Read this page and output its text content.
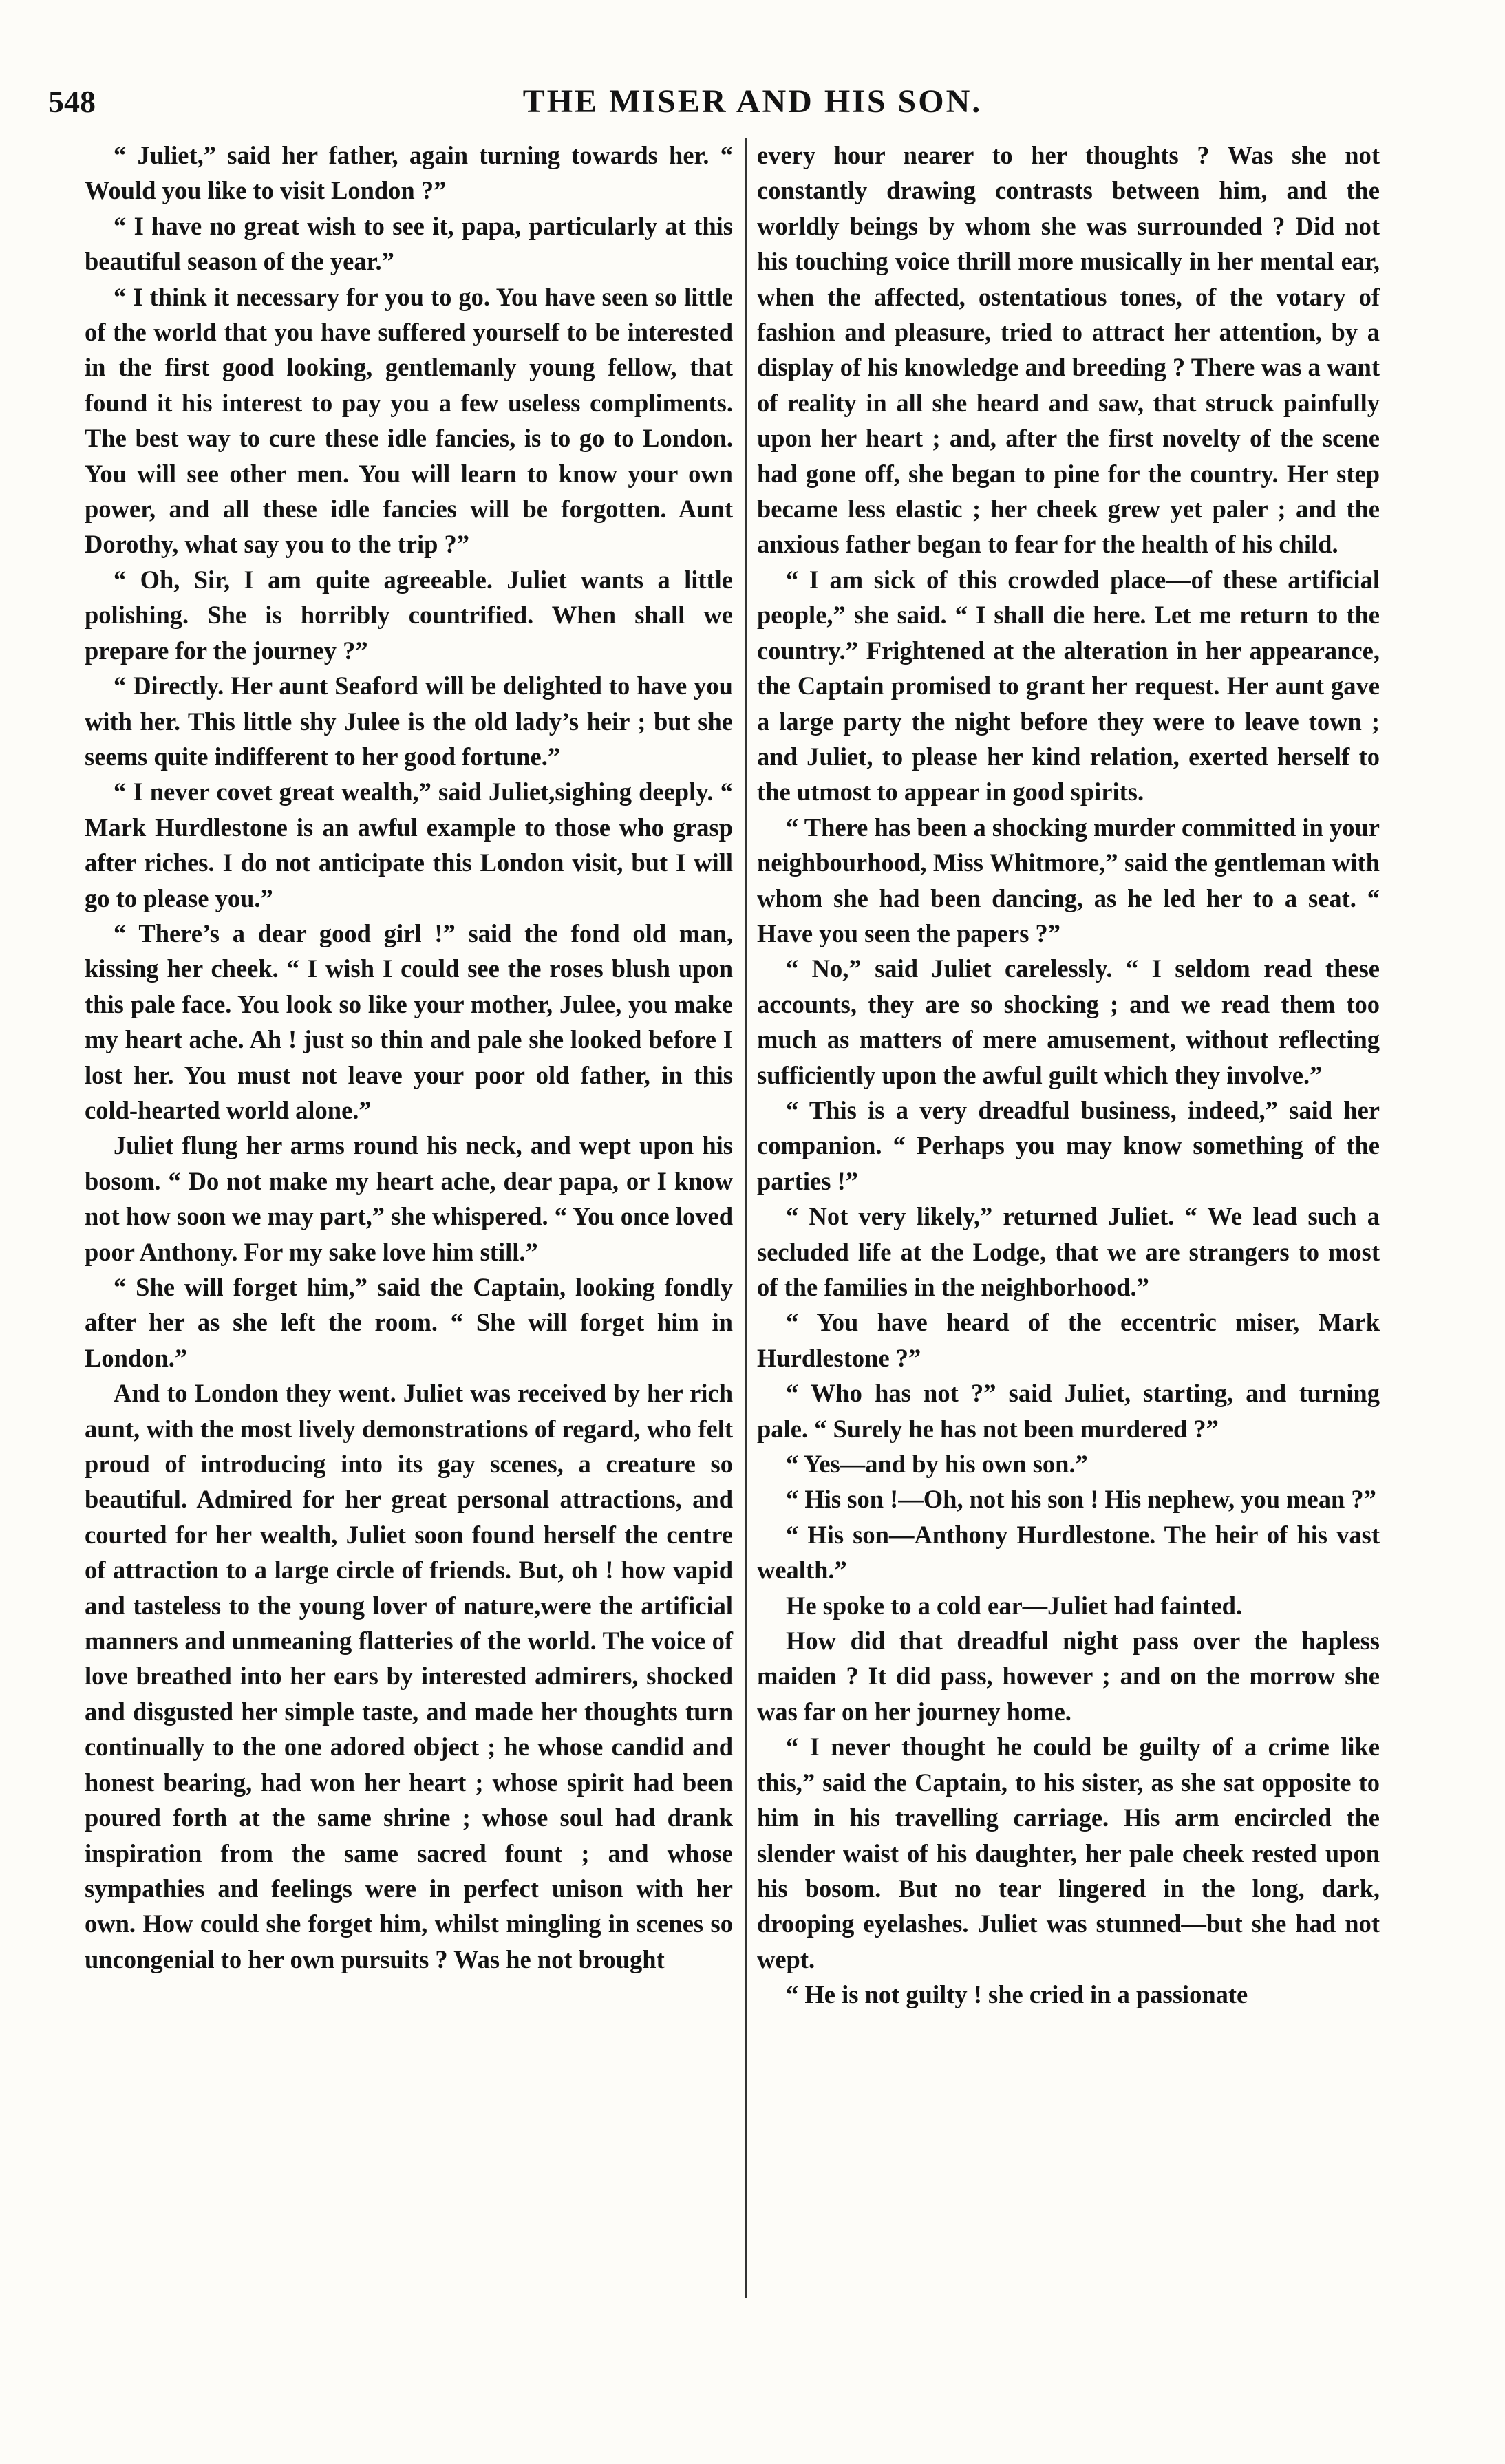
548	THE MISER AND HIS SON.

“ Juliet,” said her father, again turning towards her. “ Would you like to visit London ?”

“ I have no great wish to see it, papa, particularly at this beautiful season of the year.”

“ I think it necessary for you to go. You have seen so little of the world that you have suffered yourself to be interested in the first good looking, gentlemanly young fellow, that found it his interest to pay you a few useless compliments. The best way to cure these idle fancies, is to go to London. You will see other men. You will learn to know your own power, and all these idle fancies will be forgotten. Aunt Dorothy, what say you to the trip ?”

“ Oh, Sir, I am quite agreeable. Juliet wants a little polishing. She is horribly countrified. When shall we prepare for the journey ?”

“ Directly. Her aunt Seaford will be delighted to have you with her. This little shy Julee is the old lady’s heir ; but she seems quite indifferent to her good fortune.”

“ I never covet great wealth,” said Juliet,sighing deeply. “ Mark Hurdlestone is an awful example to those who grasp after riches. I do not anticipate this London visit, but I will go to please you.”

“ There’s a dear good girl !” said the fond old man, kissing her cheek. “ I wish I could see the roses blush upon this pale face. You look so like your mother, Julee, you make my heart ache. Ah ! just so thin and pale she looked before I lost her. You must not leave your poor old father, in this cold-hearted world alone.”

Juliet flung her arms round his neck, and wept upon his bosom. “ Do not make my heart ache, dear papa, or I know not how soon we may part,” she whispered. “ You once loved poor Anthony. For my sake love him still.”

“ She will forget him,” said the Captain, looking fondly after her as she left the room. “ She will forget him in London.”

And to London they went. Juliet was received by her rich aunt, with the most lively demonstrations of regard, who felt proud of introducing into its gay scenes, a creature so beautiful. Admired for her great personal attractions, and courted for her wealth, Juliet soon found herself the centre of attraction to a large circle of friends. But, oh ! how vapid and tasteless to the young lover of nature,were the artificial manners and unmeaning flatteries of the world. The voice of love breathed into her ears by interested admirers, shocked and disgusted her simple taste, and made her thoughts turn continually to the one adored object ; he whose candid and honest bearing, had won her heart ; whose spirit had been poured forth at the same shrine ; whose soul had drank inspiration from the same sacred fount ; and whose sympathies and feelings were in perfect unison with her own. How could she forget him, whilst mingling in scenes so uncongenial to her own pursuits ? Was he not brought

every hour nearer to her thoughts ? Was she not constantly drawing contrasts between him, and the worldly beings by whom she was surrounded ? Did not his touching voice thrill more musically in her mental ear, when the affected, ostentatious tones, of the votary of fashion and pleasure, tried to attract her attention, by a display of his knowledge and breeding ? There was a want of reality in all she heard and saw, that struck painfully upon her heart ; and, after the first novelty of the scene had gone off, she began to pine for the country. Her step became less elastic ; her cheek grew yet paler ; and the anxious father began to fear for the health of his child.

“ I am sick of this crowded place—of these artificial people,” she said. “ I shall die here. Let me return to the country.” Frightened at the alteration in her appearance, the Captain promised to grant her request. Her aunt gave a large party the night before they were to leave town ; and Juliet, to please her kind relation, exerted herself to the utmost to appear in good spirits.

“ There has been a shocking murder committed in your neighbourhood, Miss Whitmore,” said the gentleman with whom she had been dancing, as he led her to a seat. “ Have you seen the papers ?”

“ No,” said Juliet carelessly. “ I seldom read these accounts, they are so shocking ; and we read them too much as matters of mere amusement, without reflecting sufficiently upon the awful guilt which they involve.”

“ This is a very dreadful business, indeed,” said her companion. “ Perhaps you may know something of the parties !”

“ Not very likely,” returned Juliet. “ We lead such a secluded life at the Lodge, that we are strangers to most of the families in the neighborhood.”

“ You have heard of the eccentric miser, Mark Hurdlestone ?”

“ Who has not ?” said Juliet, starting, and turning pale. “ Surely he has not been murdered ?”

“ Yes—and by his own son.”

“ His son !—Oh, not his son ! His nephew, you mean ?”

“ His son—Anthony Hurdlestone. The heir of his vast wealth.”

He spoke to a cold ear—Juliet had fainted.

How did that dreadful night pass over the hapless maiden ? It did pass, however ; and on the morrow she was far on her journey home.

“ I never thought he could be guilty of a crime like this,” said the Captain, to his sister, as she sat opposite to him in his travelling carriage. His arm encircled the slender waist of his daughter, her pale cheek rested upon his bosom. But no tear lingered in the long, dark, drooping eyelashes. Juliet was stunned—but she had not wept.

“ He is not guilty ! she cried in a passionate
